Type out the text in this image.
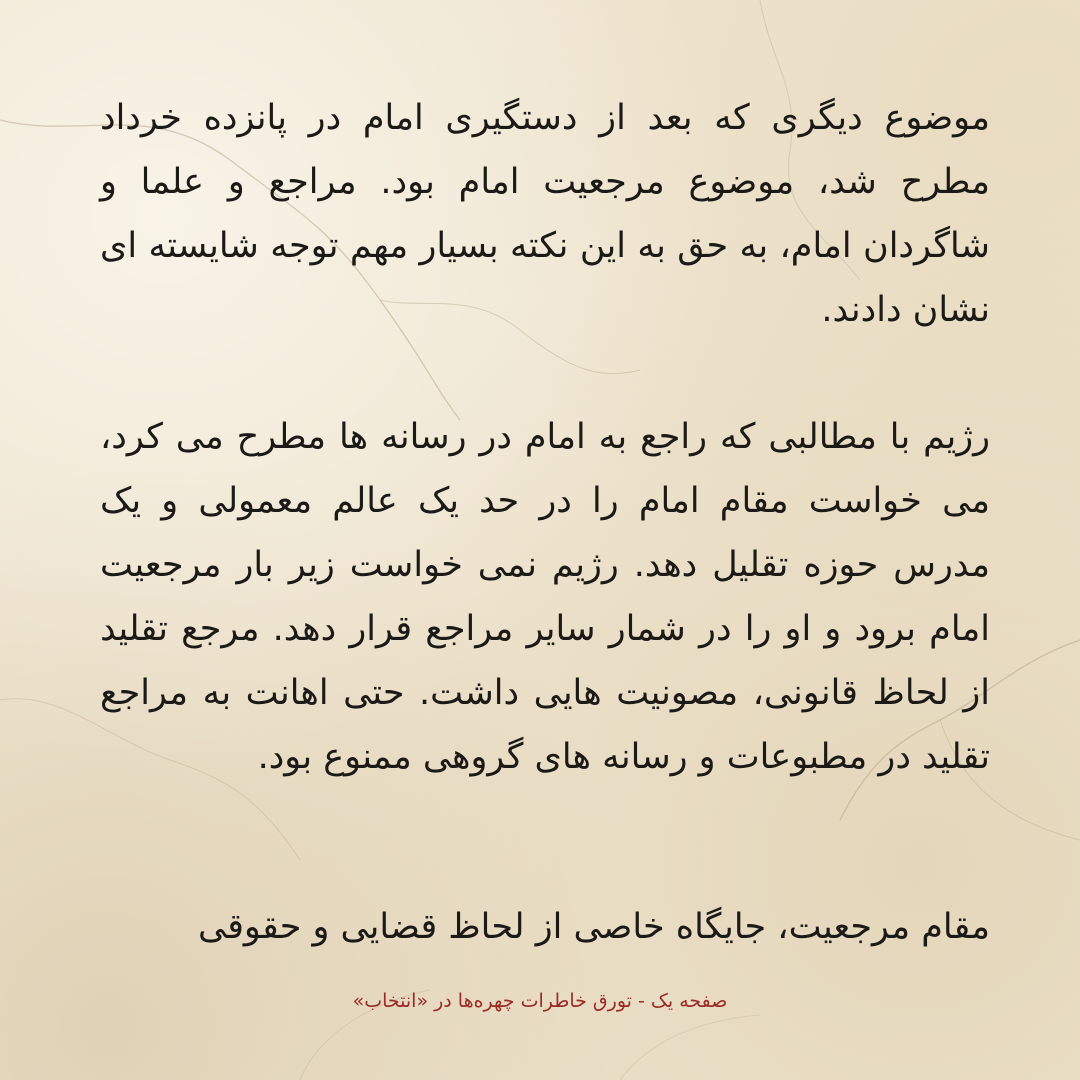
موضوع دیگری که بعد از دستگیری امام در پانزده خرداد مطرح شد، موضوع مرجعیت امام بود. مراجع و علما و شاگردان امام، به حق به این نکته بسیار مهم توجه شایسته ای نشان دادند.

رژیم با مطالبی که راجع به امام در رسانه ها مطرح می کرد، می خواست مقام امام را در حد یک عالم معمولی و یک مدرس حوزه تقلیل دهد. رژیم نمی خواست زیر بار مرجعیت امام برود و او را در شمار سایر مراجع قرار دهد. مرجع تقلید از لحاظ قانونی، مصونیت هایی داشت. حتی اهانت به مراجع تقلید در مطبوعات و رسانه های گروهی ممنوع بود.

مقام مرجعیت، جایگاه خاصی از لحاظ قضایی و حقوقی

صفحه یک - تورق خاطرات چهره‌ها در «انتخاب»
